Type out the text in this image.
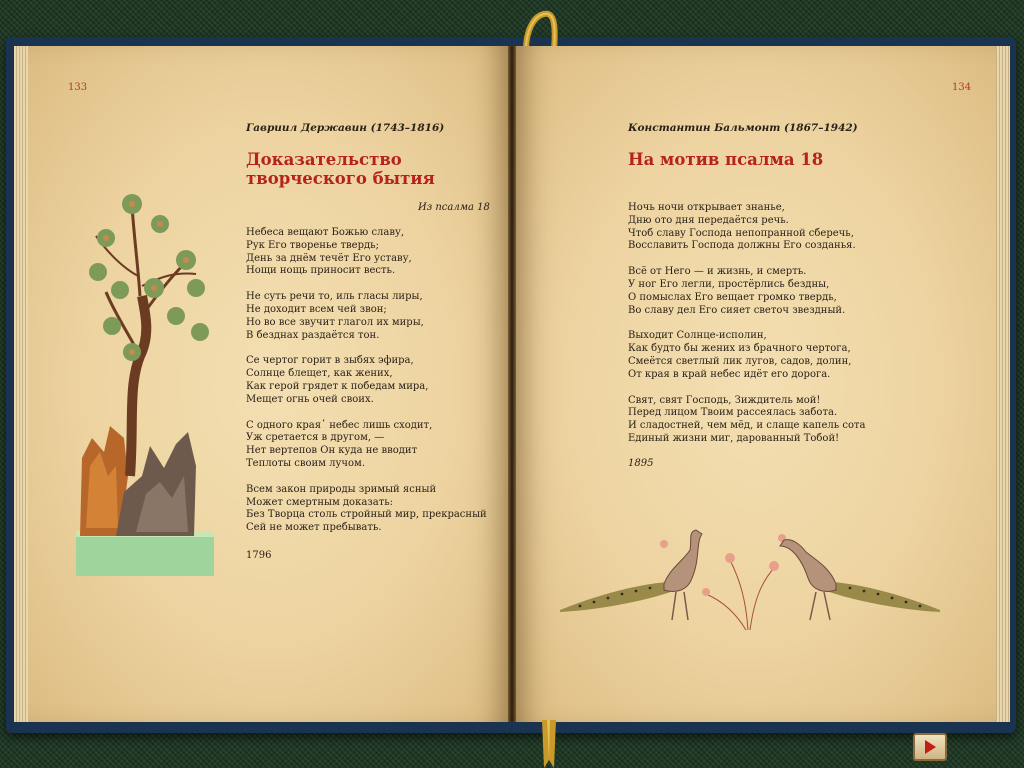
133
Гавриил Державин (1743–1816)
Доказательство
творческого бытия
Из псалма 18
Небеса вещают Божью славу,
Рук Его творенье твердь;
День за днём течёт Его уставу,
Нощи нощь приносит весть.
Не суть речи то, иль гласы лиры,
Не доходит всем чей звон;
Но во все звучит глагол их миры,
В безднах раздаётся тон.
Се чертог горит в зыбях эфира,
Солнце блещет, как жених,
Как герой грядет к победам мира,
Мещет огнь очей своих.
С одного края᾽ небес лишь сходит,
Уж сретается в другом, —
Нет вертепов Он куда не вводит
Теплоты своим лучом.
Всем закон природы зримый ясный
Может смертным доказать:
Без Творца столь стройный мир, прекрасный
Сей не может пребывать.
1796
134
Константин Бальмонт (1867–1942)
На мотив псалма 18
Ночь ночи открывает знанье,
Дню ото дня передаётся речь.
Чтоб славу Господа непопранной сберечь,
Восславить Господа должны Его созданья.
Всё от Него — и жизнь, и смерть.
У ног Его легли, простёрлись бездны,
О помыслах Его вещает громко твердь,
Во славу дел Его сияет светоч звездный.
Выходит Солнце-исполин,
Как будто бы жених из брачного чертога,
Смеётся светлый лик лугов, садов, долин,
От края в край небес идёт его дорога.
Свят, свят Господь, Зиждитель мой!
Перед лицом Твоим рассеялась забота.
И сладостней, чем мёд, и слаще капель сота
Единый жизни миг, дарованный Тобой!
1895
